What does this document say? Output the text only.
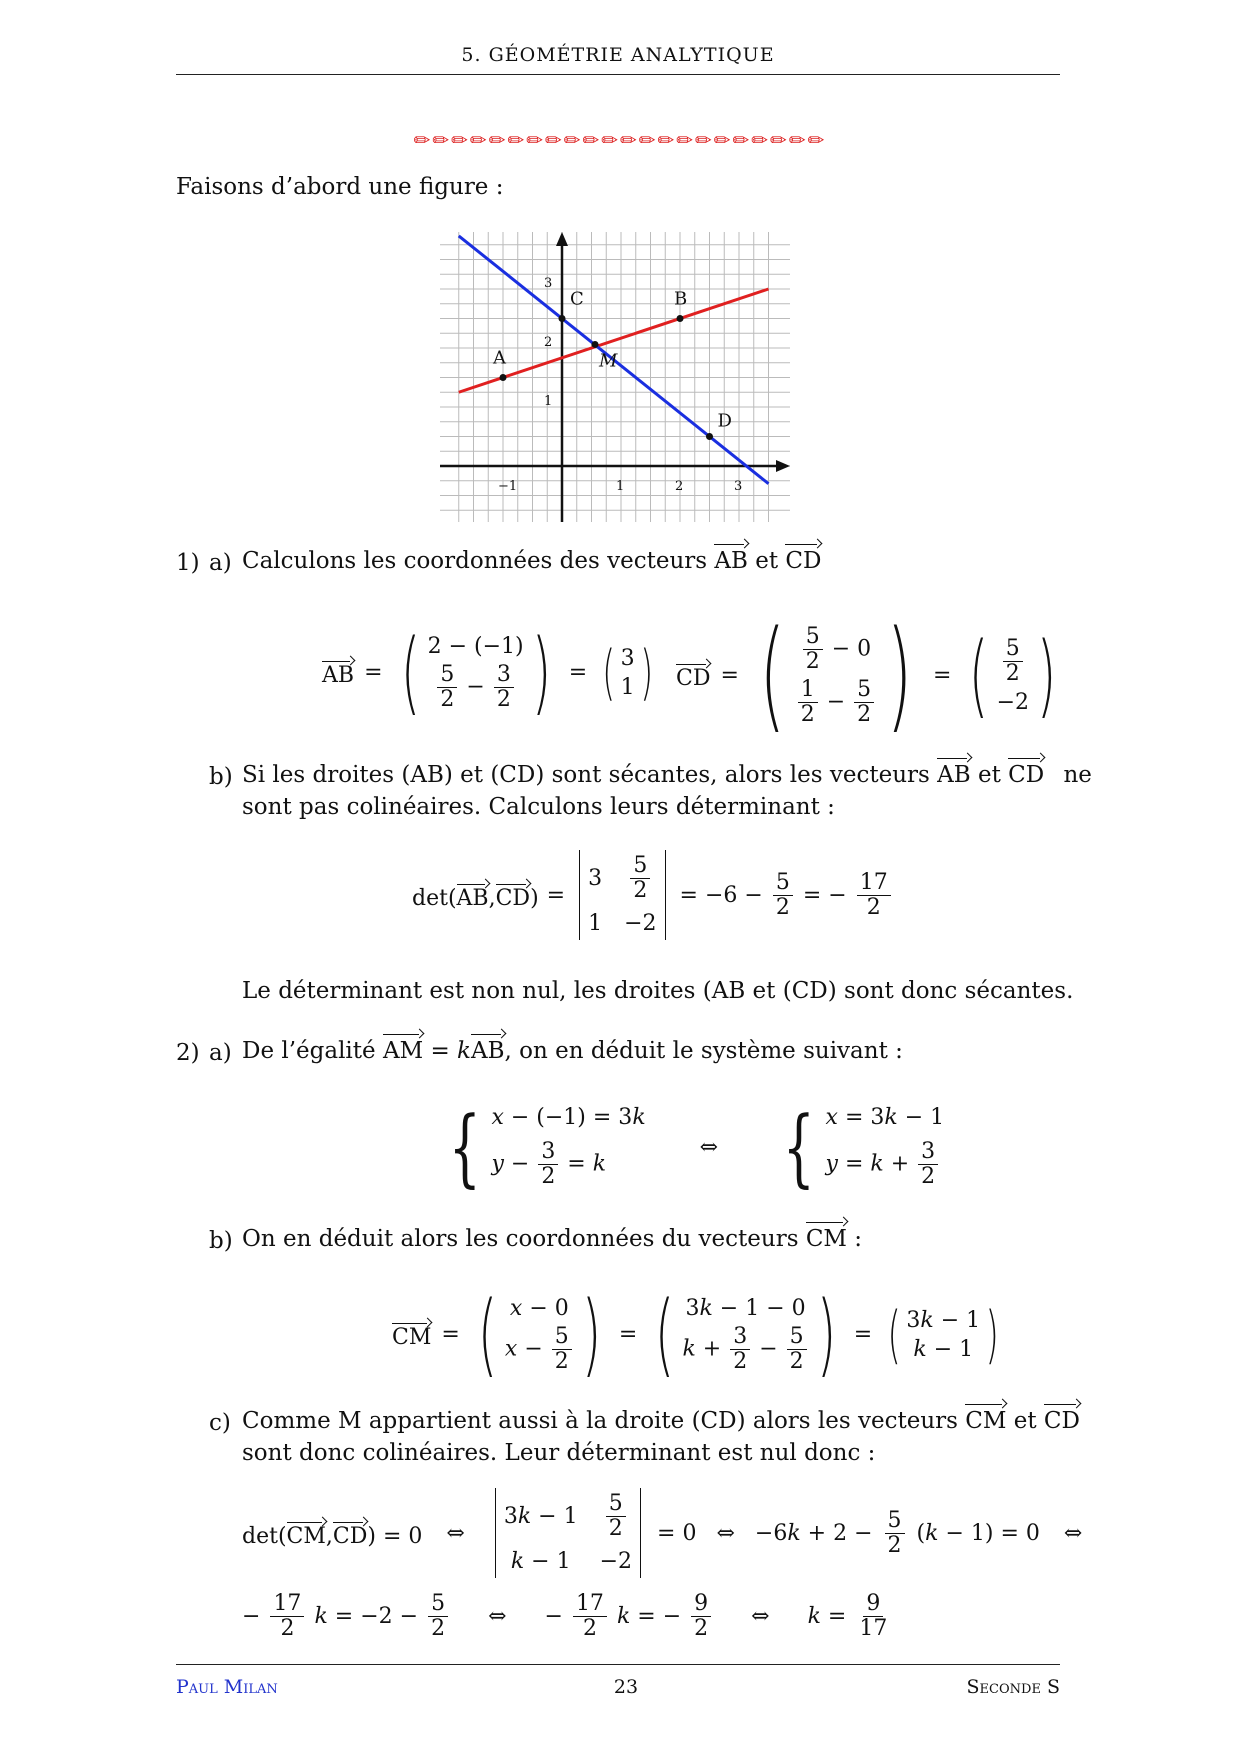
5. GÉOMÉTRIE ANALYTIQUE
✏✏✏✏✏✏✏✏✏✏✏✏✏✏✏✏✏✏✏✏✏✏
Faisons d’abord une figure :
A
B
C
D
M
−1	1	2	3
1
2
3
1) a) Calculons les coordonnées des vecteurs AB et CD
AB = ( 2 − (−1)
$\frac{5}{2} - \frac{3}{2}$ ) = ( 3
1 ) CD = ( $\frac{5}{2} - 0$
$\frac{1}{2} - \frac{5}{2}$ ) = ( $\frac{5}{2}$
−2 )
b) Si les droites (AB) et (CD) sont sécantes, alors les vecteurs AB et CD ne
sont pas colinéaires. Calculons leurs déterminant :
det(AB,CD) =
$3 \frac{5}{2}$
1 −2
= $-6 - \frac{5}{2}$ = − $\frac{17}{2}$
Le déterminant est non nul, les droites (AB et (CD) sont donc sécantes.
2) a) De l’égalité AM = kAB, on en déduit le système suivant :
{ x − (−1) = 3k
$y - \frac{3}{2} = k$
⇔ { x = 3k − 1
$y = k + \frac{3}{2}$
b) On en déduit alors les coordonnées du vecteurs CM :
CM = ( x − 0
$x - \frac{5}{2}$ ) = ( 3k − 1 − 0
$k + \frac{3}{2} - \frac{5}{2}$ ) = ( 3k − 1
k − 1 )
c) Comme M appartient aussi à la droite (CD) alors les vecteurs CM et CD
sont donc colinéaires. Leur déterminant est nul donc :
det(CM,CD) = 0 ⇔
$3k - 1 \frac{5}{2}$
k − 1 −2
= 0 ⇔ $-6k + 2 - \frac{5}{2} (k - 1) = 0$ ⇔
− $\frac{17}{2}$ $k = -2 - \frac{5}{2}$ ⇔ − $\frac{17}{2}$ k = − $\frac{9}{2}$ ⇔ $k = \frac{9}{17}$
Paul Milan	23	Seconde S
